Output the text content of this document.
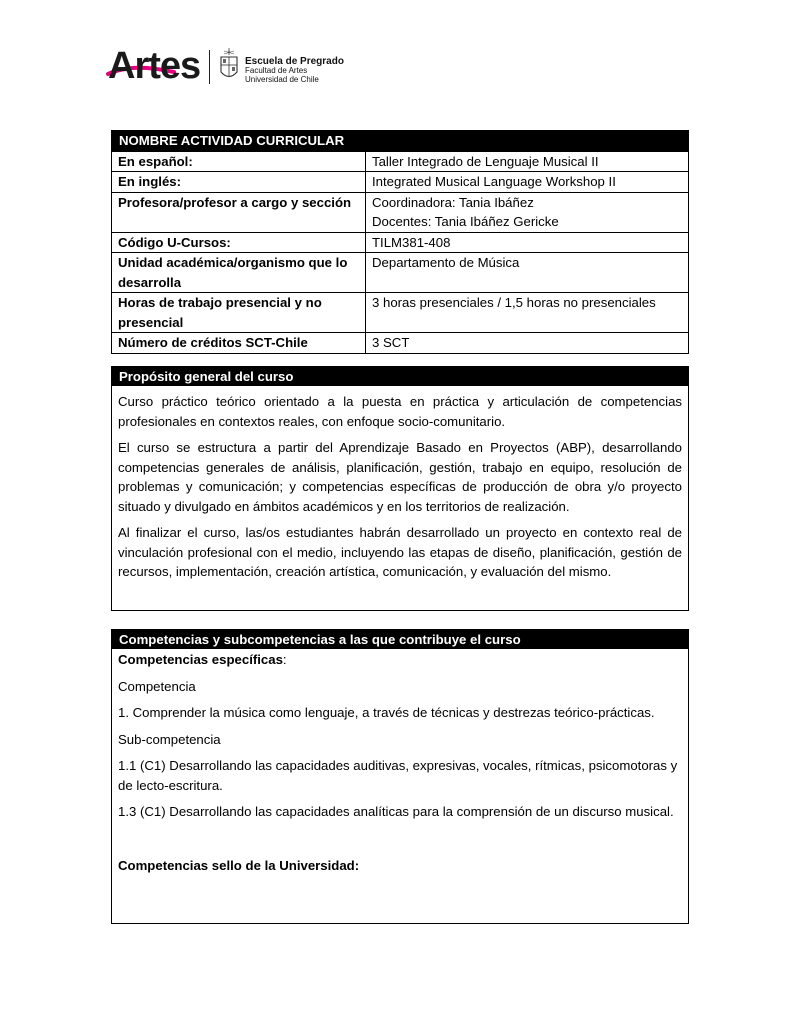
Artes	Escuela de Pregrado
Facultad de Artes
Universidad de Chile
NOMBRE ACTIVIDAD CURRICULAR	
En español:	Taller Integrado de Lenguaje Musical II
En inglés:	Integrated Musical Language Workshop II
Profesora/profesor a cargo y sección	Coordinadora: Tania Ibáñez
Docentes: Tania Ibáñez Gericke

Código U-Cursos:	TILM381-408
Unidad académica/organismo que lo desarrolla	Departamento de Música
Horas de trabajo presencial y no presencial	3 horas presenciales / 1,5 horas no presenciales
Número de créditos SCT-Chile	3 SCT
Propósito general del curso

Curso práctico teórico orientado a la puesta en práctica y articulación de competencias profesionales en contextos reales, con enfoque socio-comunitario.

El curso se estructura a partir del Aprendizaje Basado en Proyectos (ABP), desarrollando competencias generales de análisis, planificación, gestión, trabajo en equipo, resolución de problemas y comunicación; y competencias específicas de producción de obra y/o proyecto situado y divulgado en ámbitos académicos y en los territorios de realización.

Al finalizar el curso, las/os estudiantes habrán desarrollado un proyecto en contexto real de vinculación profesional con el medio, incluyendo las etapas de diseño, planificación, gestión de recursos, implementación, creación artística, comunicación, y evaluación del mismo.

Competencias y subcompetencias a las que contribuye el curso

Competencias específicas:

Competencia

1. Comprender la música como lenguaje, a través de técnicas y destrezas teórico-prácticas.

Sub-competencia

1.1 (C1) Desarrollando las capacidades auditivas, expresivas, vocales, rítmicas, psicomotoras y de lecto-escritura.

1.3 (C1) Desarrollando las capacidades analíticas para la comprensión de un discurso musical.

Competencias sello de la Universidad:
